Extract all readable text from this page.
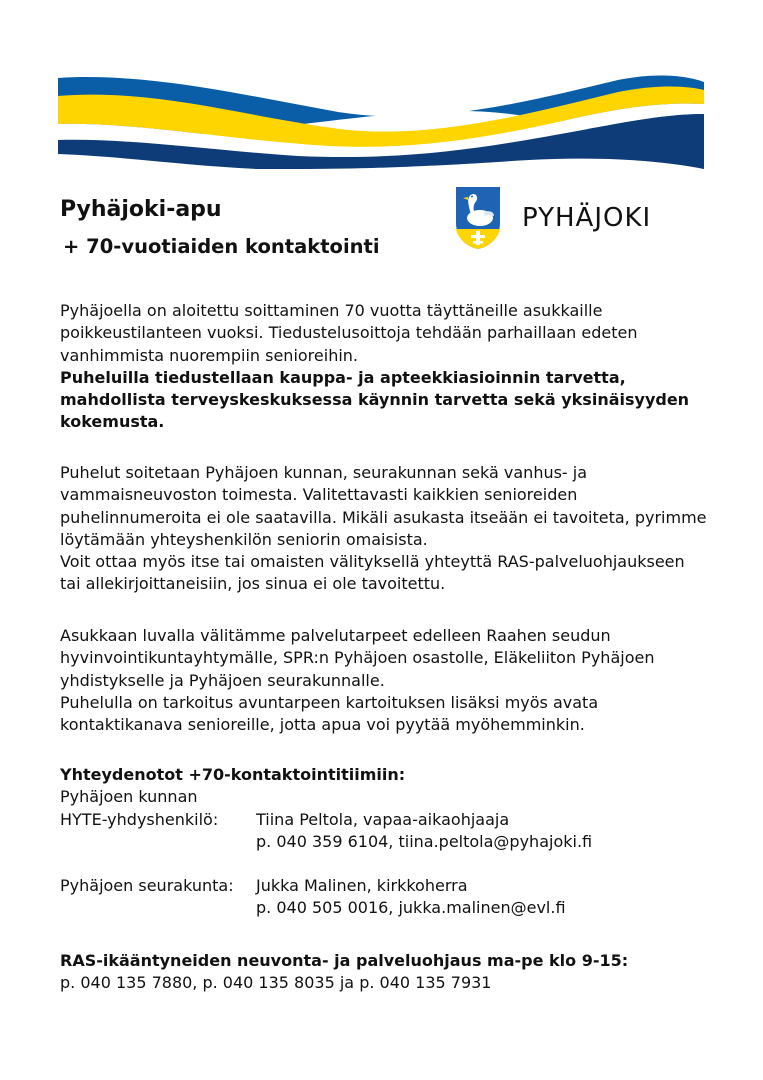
Pyhäjoki-apu
+ 70-vuotiaiden kontaktointi
PYHÄJOKI

Pyhäjoella on aloitettu soittaminen 70 vuotta täyttäneille asukkaille poikkeustilanteen vuoksi. Tiedustelusoittoja tehdään parhaillaan edeten vanhimmista nuorempiin senioreihin.

Puheluilla tiedustellaan kauppa- ja apteekkiasioinnin tarvetta, mahdollista terveyskeskuksessa käynnin tarvetta sekä yksinäisyyden kokemusta.

Puhelut soitetaan Pyhäjoen kunnan, seurakunnan sekä vanhus- ja vammaisneuvoston toimesta. Valitettavasti kaikkien senioreiden puhelinnumeroita ei ole saatavilla. Mikäli asukasta itseään ei tavoiteta, pyrimme löytämään yhteyshenkilön seniorin omaisista.

Voit ottaa myös itse tai omaisten välityksellä yhteyttä RAS-palveluohjaukseen tai allekirjoittaneisiin, jos sinua ei ole tavoitettu.

Asukkaan luvalla välitämme palvelutarpeet edelleen Raahen seudun hyvinvointikuntayhtymälle, SPR:n Pyhäjoen osastolle, Eläkeliiton Pyhäjoen yhdistykselle ja Pyhäjoen seurakunnalle.

Puhelulla on tarkoitus avuntarpeen kartoituksen lisäksi myös avata kontaktikanava senioreille, jotta apua voi pyytää myöhemminkin.

Yhteydenotot +70-kontaktointitiimiin:
Pyhäjoen kunnan
HYTE-yhdyshenkilö:	Tiina Peltola, vapaa-aikaohjaaja
p. 040 359 6104, tiina.peltola@pyhajoki.fi
Pyhäjoen seurakunta:	Jukka Malinen, kirkkoherra
p. 040 505 0016, jukka.malinen@evl.fi
RAS-ikääntyneiden neuvonta- ja palveluohjaus ma-pe klo 9-15:
p. 040 135 7880, p. 040 135 8035 ja p. 040 135 7931
